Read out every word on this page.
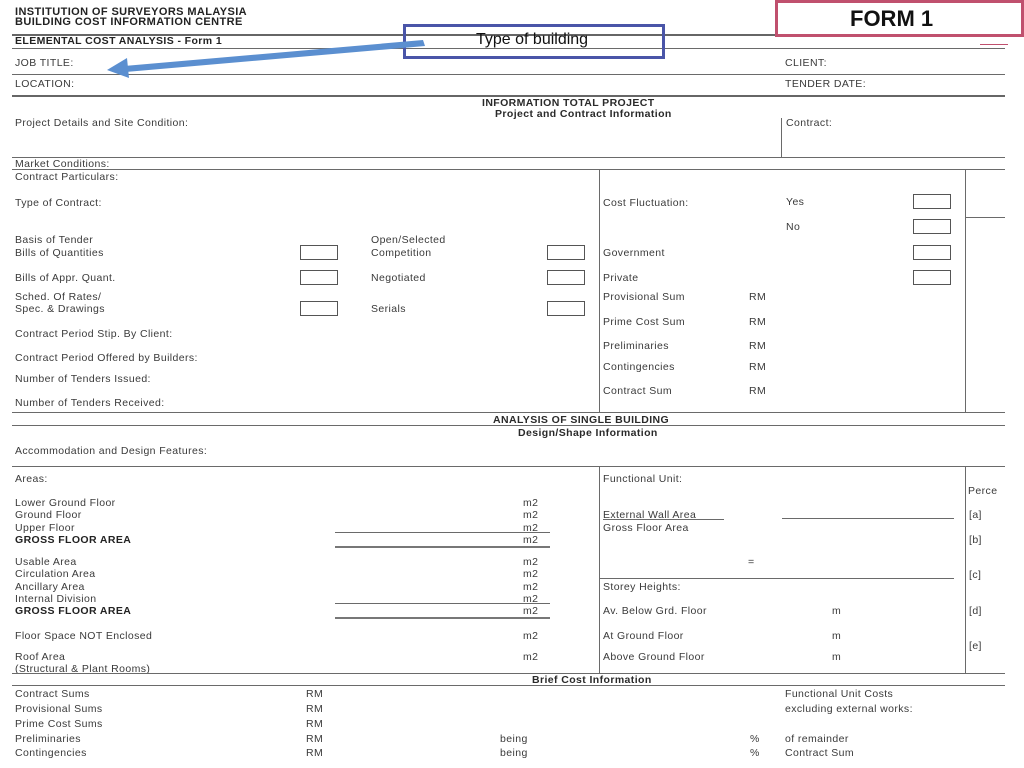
INSTITUTION OF SURVEYORS MALAYSIA
BUILDING COST INFORMATION CENTRE
ELEMENTAL COST ANALYSIS - Form 1
JOB TITLE:	CLIENT:
LOCATION:	TENDER DATE:
FORM 1
Type of building
INFORMATION TOTAL PROJECT
Project and Contract Information
Project Details and Site Condition:	Contract:
Market Conditions:
Contract Particulars:
Type of Contract:	Cost Fluctuation:	Yes
No
Basis of Tender	Open/Selected
Bills of Quantities	Competition	Government
Bills of Appr. Quant.	Negotiated	Private
Sched. Of Rates/	Provisional Sum	RM
Spec. & Drawings	Serials
Prime Cost Sum	RM
Contract Period Stip. By Client:
Preliminaries	RM
Contract Period Offered by Builders:
Contingencies	RM
Number of Tenders Issued:
Contract Sum	RM
Number of Tenders Received:
ANALYSIS OF SINGLE BUILDING
Design/Shape Information
Accommodation and Design Features:
Areas:	Functional Unit:
Perce
Lower Ground Floor	m2
Ground Floor	m2	External Wall Area	[a]
Upper Floor	m2	Gross Floor Area
GROSS FLOOR AREA	m2	[b]
Usable Area	m2	=
Circulation Area	m2	[c]
Ancillary Area	m2	Storey Heights:
Internal Division	m2
GROSS FLOOR AREA	m2	Av. Below Grd. Floor	m	[d]
Floor Space NOT Enclosed	m2	At Ground Floor	m
[e]
Roof Area	m2	Above Ground Floor	m
(Structural & Plant Rooms)
Brief Cost Information
Contract Sums	RM	Functional Unit Costs
Provisional Sums	RM	excluding external works:
Prime Cost Sums	RM
Preliminaries	RM	being	% of remainder
Contingencies	RM	being	% Contract Sum
